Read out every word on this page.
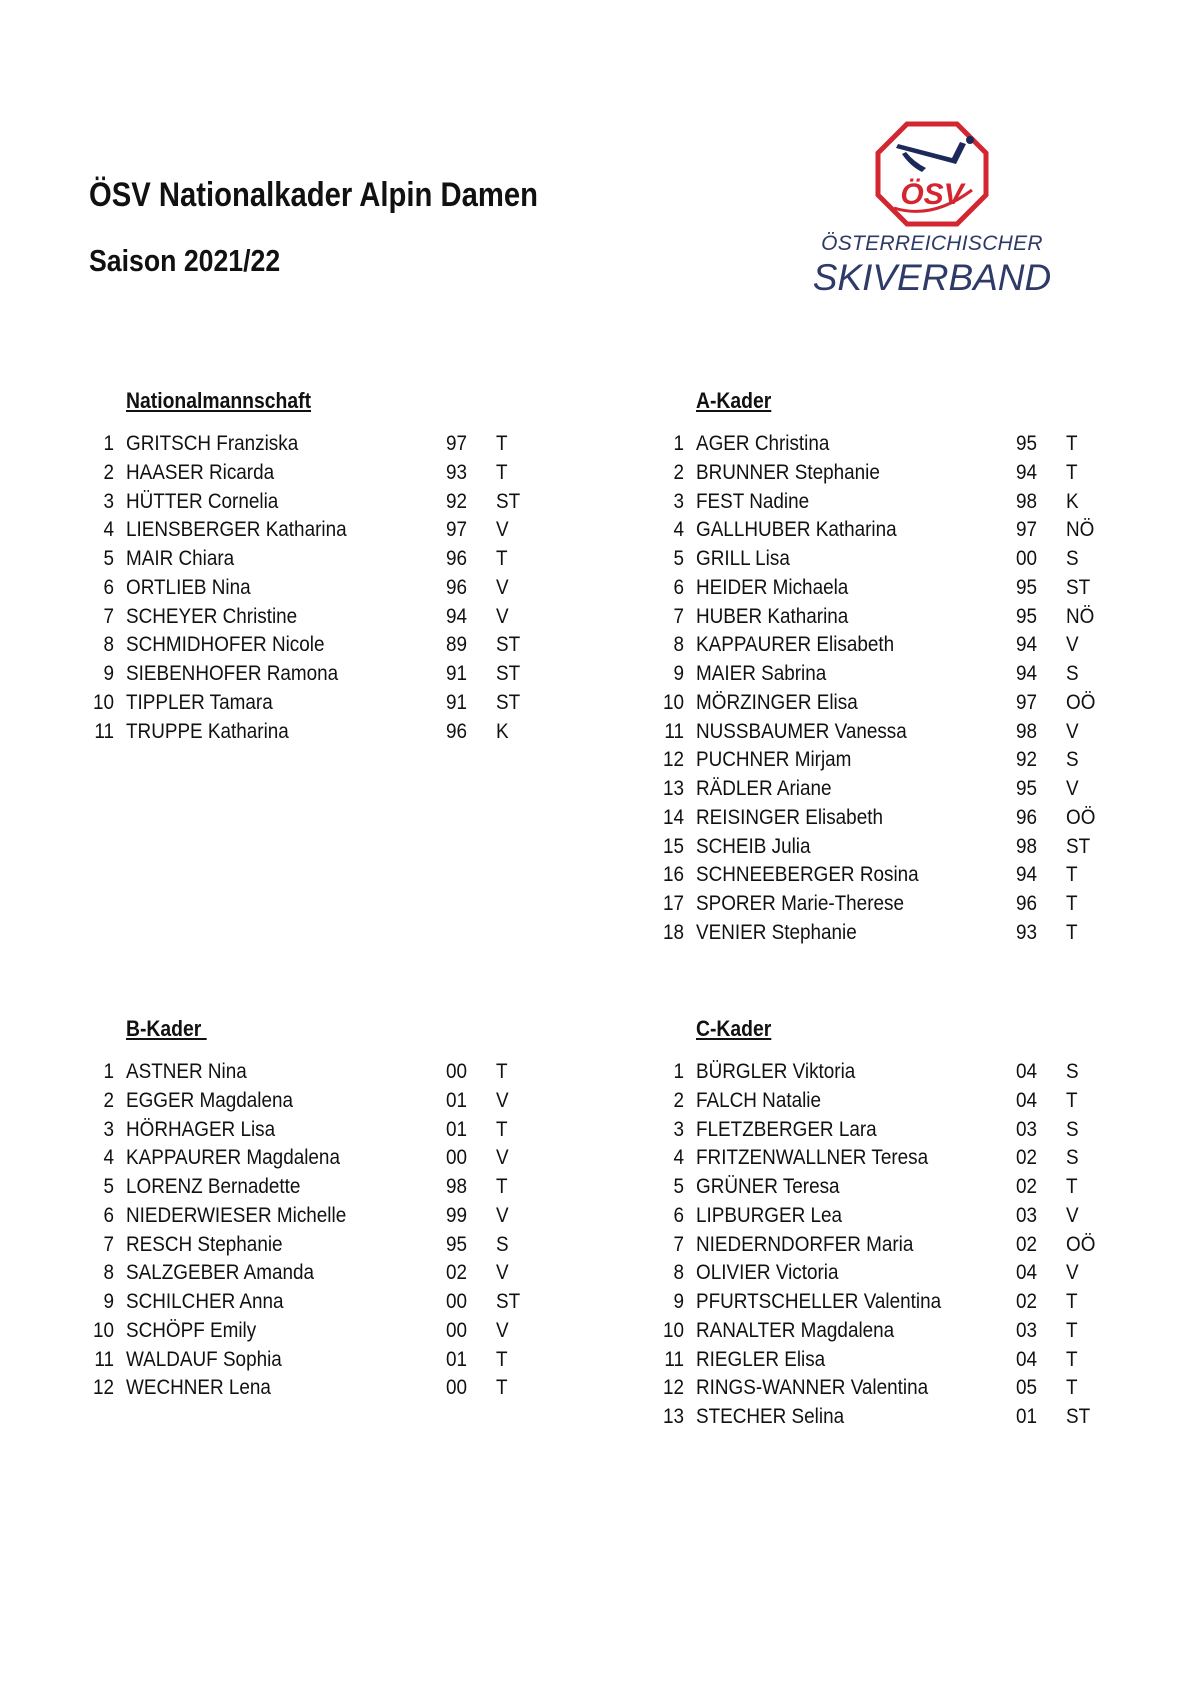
ÖSV Nationalkader Alpin Damen
Saison 2021/22
ÖSV
ÖSTERREICHISCHER
SKIVERBAND
Nationalmannschaft
1 GRITSCH Franziska	97 T
2 HAASER Ricarda	93 T
3 HÜTTER Cornelia	92 ST
4 LIENSBERGER Katharina	97 V
5 MAIR Chiara	96 T
6 ORTLIEB Nina	96 V
7 SCHEYER Christine	94 V
8 SCHMIDHOFER Nicole	89 ST
9 SIEBENHOFER Ramona	91 ST
10 TIPPLER Tamara	91 ST
11 TRUPPE Katharina	96 K
A-Kader
1 AGER Christina	95 T
2 BRUNNER Stephanie	94 T
3 FEST Nadine	98 K
4 GALLHUBER Katharina	97 NÖ
5 GRILL Lisa	00 S
6 HEIDER Michaela	95 ST
7 HUBER Katharina	95 NÖ
8 KAPPAURER Elisabeth	94 V
9 MAIER Sabrina	94 S
10 MÖRZINGER Elisa	97 OÖ
11 NUSSBAUMER Vanessa	98 V
12 PUCHNER Mirjam	92 S
13 RÄDLER Ariane	95 V
14 REISINGER Elisabeth	96 OÖ
15 SCHEIB Julia	98 ST
16 SCHNEEBERGER Rosina	94 T
17 SPORER Marie-Therese	96 T
18 VENIER Stephanie	93 T
B-Kader
1 ASTNER Nina	00 T
2 EGGER Magdalena	01 V
3 HÖRHAGER Lisa	01 T
4 KAPPAURER Magdalena	00 V
5 LORENZ Bernadette	98 T
6 NIEDERWIESER Michelle	99 V
7 RESCH Stephanie	95 S
8 SALZGEBER Amanda	02 V
9 SCHILCHER Anna	00 ST
10 SCHÖPF Emily	00 V
11 WALDAUF Sophia	01 T
12 WECHNER Lena	00 T
C-Kader
1 BÜRGLER Viktoria	04 S
2 FALCH Natalie	04 T
3 FLETZBERGER Lara	03 S
4 FRITZENWALLNER Teresa	02 S
5 GRÜNER Teresa	02 T
6 LIPBURGER Lea	03 V
7 NIEDERNDORFER Maria	02 OÖ
8 OLIVIER Victoria	04 V
9 PFURTSCHELLER Valentina	02 T
10 RANALTER Magdalena	03 T
11 RIEGLER Elisa	04 T
12 RINGS-WANNER Valentina	05 T
13 STECHER Selina	01 ST
